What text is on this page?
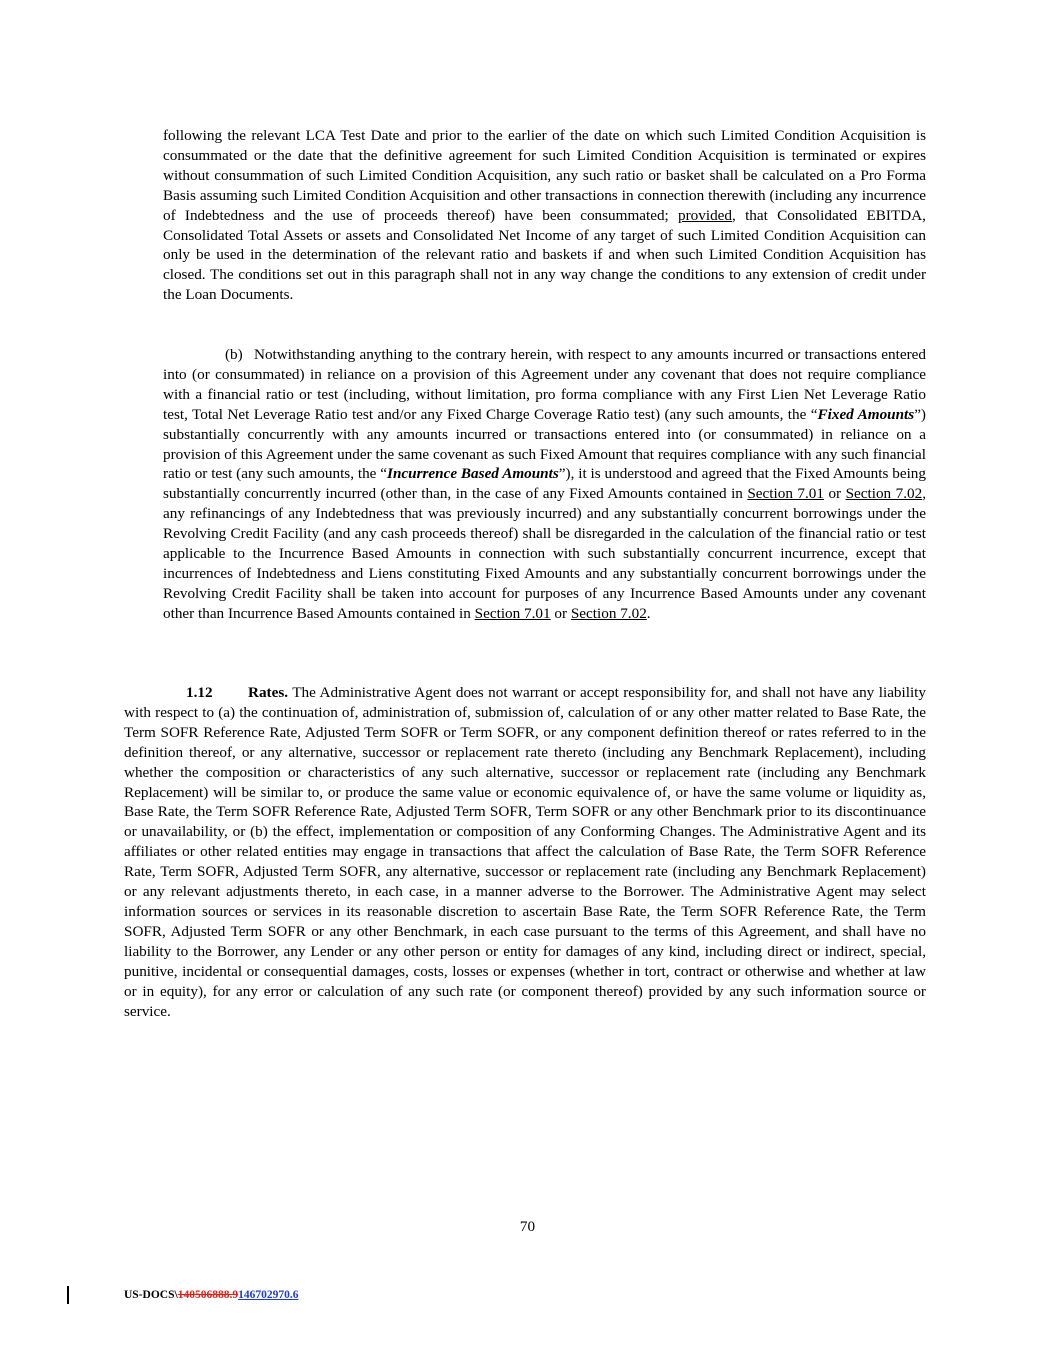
following the relevant LCA Test Date and prior to the earlier of the date on which such Limited Condition Acquisition is consummated or the date that the definitive agreement for such Limited Condition Acquisition is terminated or expires without consummation of such Limited Condition Acquisition, any such ratio or basket shall be calculated on a Pro Forma Basis assuming such Limited Condition Acquisition and other transactions in connection therewith (including any incurrence of Indebtedness and the use of proceeds thereof) have been consummated; provided, that Consolidated EBITDA, Consolidated Total Assets or assets and Consolidated Net Income of any target of such Limited Condition Acquisition can only be used in the determination of the relevant ratio and baskets if and when such Limited Condition Acquisition has closed. The conditions set out in this paragraph shall not in any way change the conditions to any extension of credit under the Loan Documents.

(b) Notwithstanding anything to the contrary herein, with respect to any amounts incurred or transactions entered into (or consummated) in reliance on a provision of this Agreement under any covenant that does not require compliance with a financial ratio or test (including, without limitation, pro forma compliance with any First Lien Net Leverage Ratio test, Total Net Leverage Ratio test and/or any Fixed Charge Coverage Ratio test) (any such amounts, the “Fixed Amounts”) substantially concurrently with any amounts incurred or transactions entered into (or consummated) in reliance on a provision of this Agreement under the same covenant as such Fixed Amount that requires compliance with any such financial ratio or test (any such amounts, the “Incurrence Based Amounts”), it is understood and agreed that the Fixed Amounts being substantially concurrently incurred (other than, in the case of any Fixed Amounts contained in Section 7.01 or Section 7.02, any refinancings of any Indebtedness that was previously incurred) and any substantially concurrent borrowings under the Revolving Credit Facility (and any cash proceeds thereof) shall be disregarded in the calculation of the financial ratio or test applicable to the Incurrence Based Amounts in connection with such substantially concurrent incurrence, except that incurrences of Indebtedness and Liens constituting Fixed Amounts and any substantially concurrent borrowings under the Revolving Credit Facility shall be taken into account for purposes of any Incurrence Based Amounts under any covenant other than Incurrence Based Amounts contained in Section 7.01 or Section 7.02.

1.12 Rates. The Administrative Agent does not warrant or accept responsibility for, and shall not have any liability with respect to (a) the continuation of, administration of, submission of, calculation of or any other matter related to Base Rate, the Term SOFR Reference Rate, Adjusted Term SOFR or Term SOFR, or any component definition thereof or rates referred to in the definition thereof, or any alternative, successor or replacement rate thereto (including any Benchmark Replacement), including whether the composition or characteristics of any such alternative, successor or replacement rate (including any Benchmark Replacement) will be similar to, or produce the same value or economic equivalence of, or have the same volume or liquidity as, Base Rate, the Term SOFR Reference Rate, Adjusted Term SOFR, Term SOFR or any other Benchmark prior to its discontinuance or unavailability, or (b) the effect, implementation or composition of any Conforming Changes. The Administrative Agent and its affiliates or other related entities may engage in transactions that affect the calculation of Base Rate, the Term SOFR Reference Rate, Term SOFR, Adjusted Term SOFR, any alternative, successor or replacement rate (including any Benchmark Replacement) or any relevant adjustments thereto, in each case, in a manner adverse to the Borrower. The Administrative Agent may select information sources or services in its reasonable discretion to ascertain Base Rate, the Term SOFR Reference Rate, the Term SOFR, Adjusted Term SOFR or any other Benchmark, in each case pursuant to the terms of this Agreement, and shall have no liability to the Borrower, any Lender or any other person or entity for damages of any kind, including direct or indirect, special, punitive, incidental or consequential damages, costs, losses or expenses (whether in tort, contract or otherwise and whether at law or in equity), for any error or calculation of any such rate (or component thereof) provided by any such information source or service.

70
US-DOCS\140506888.9146702970.6
